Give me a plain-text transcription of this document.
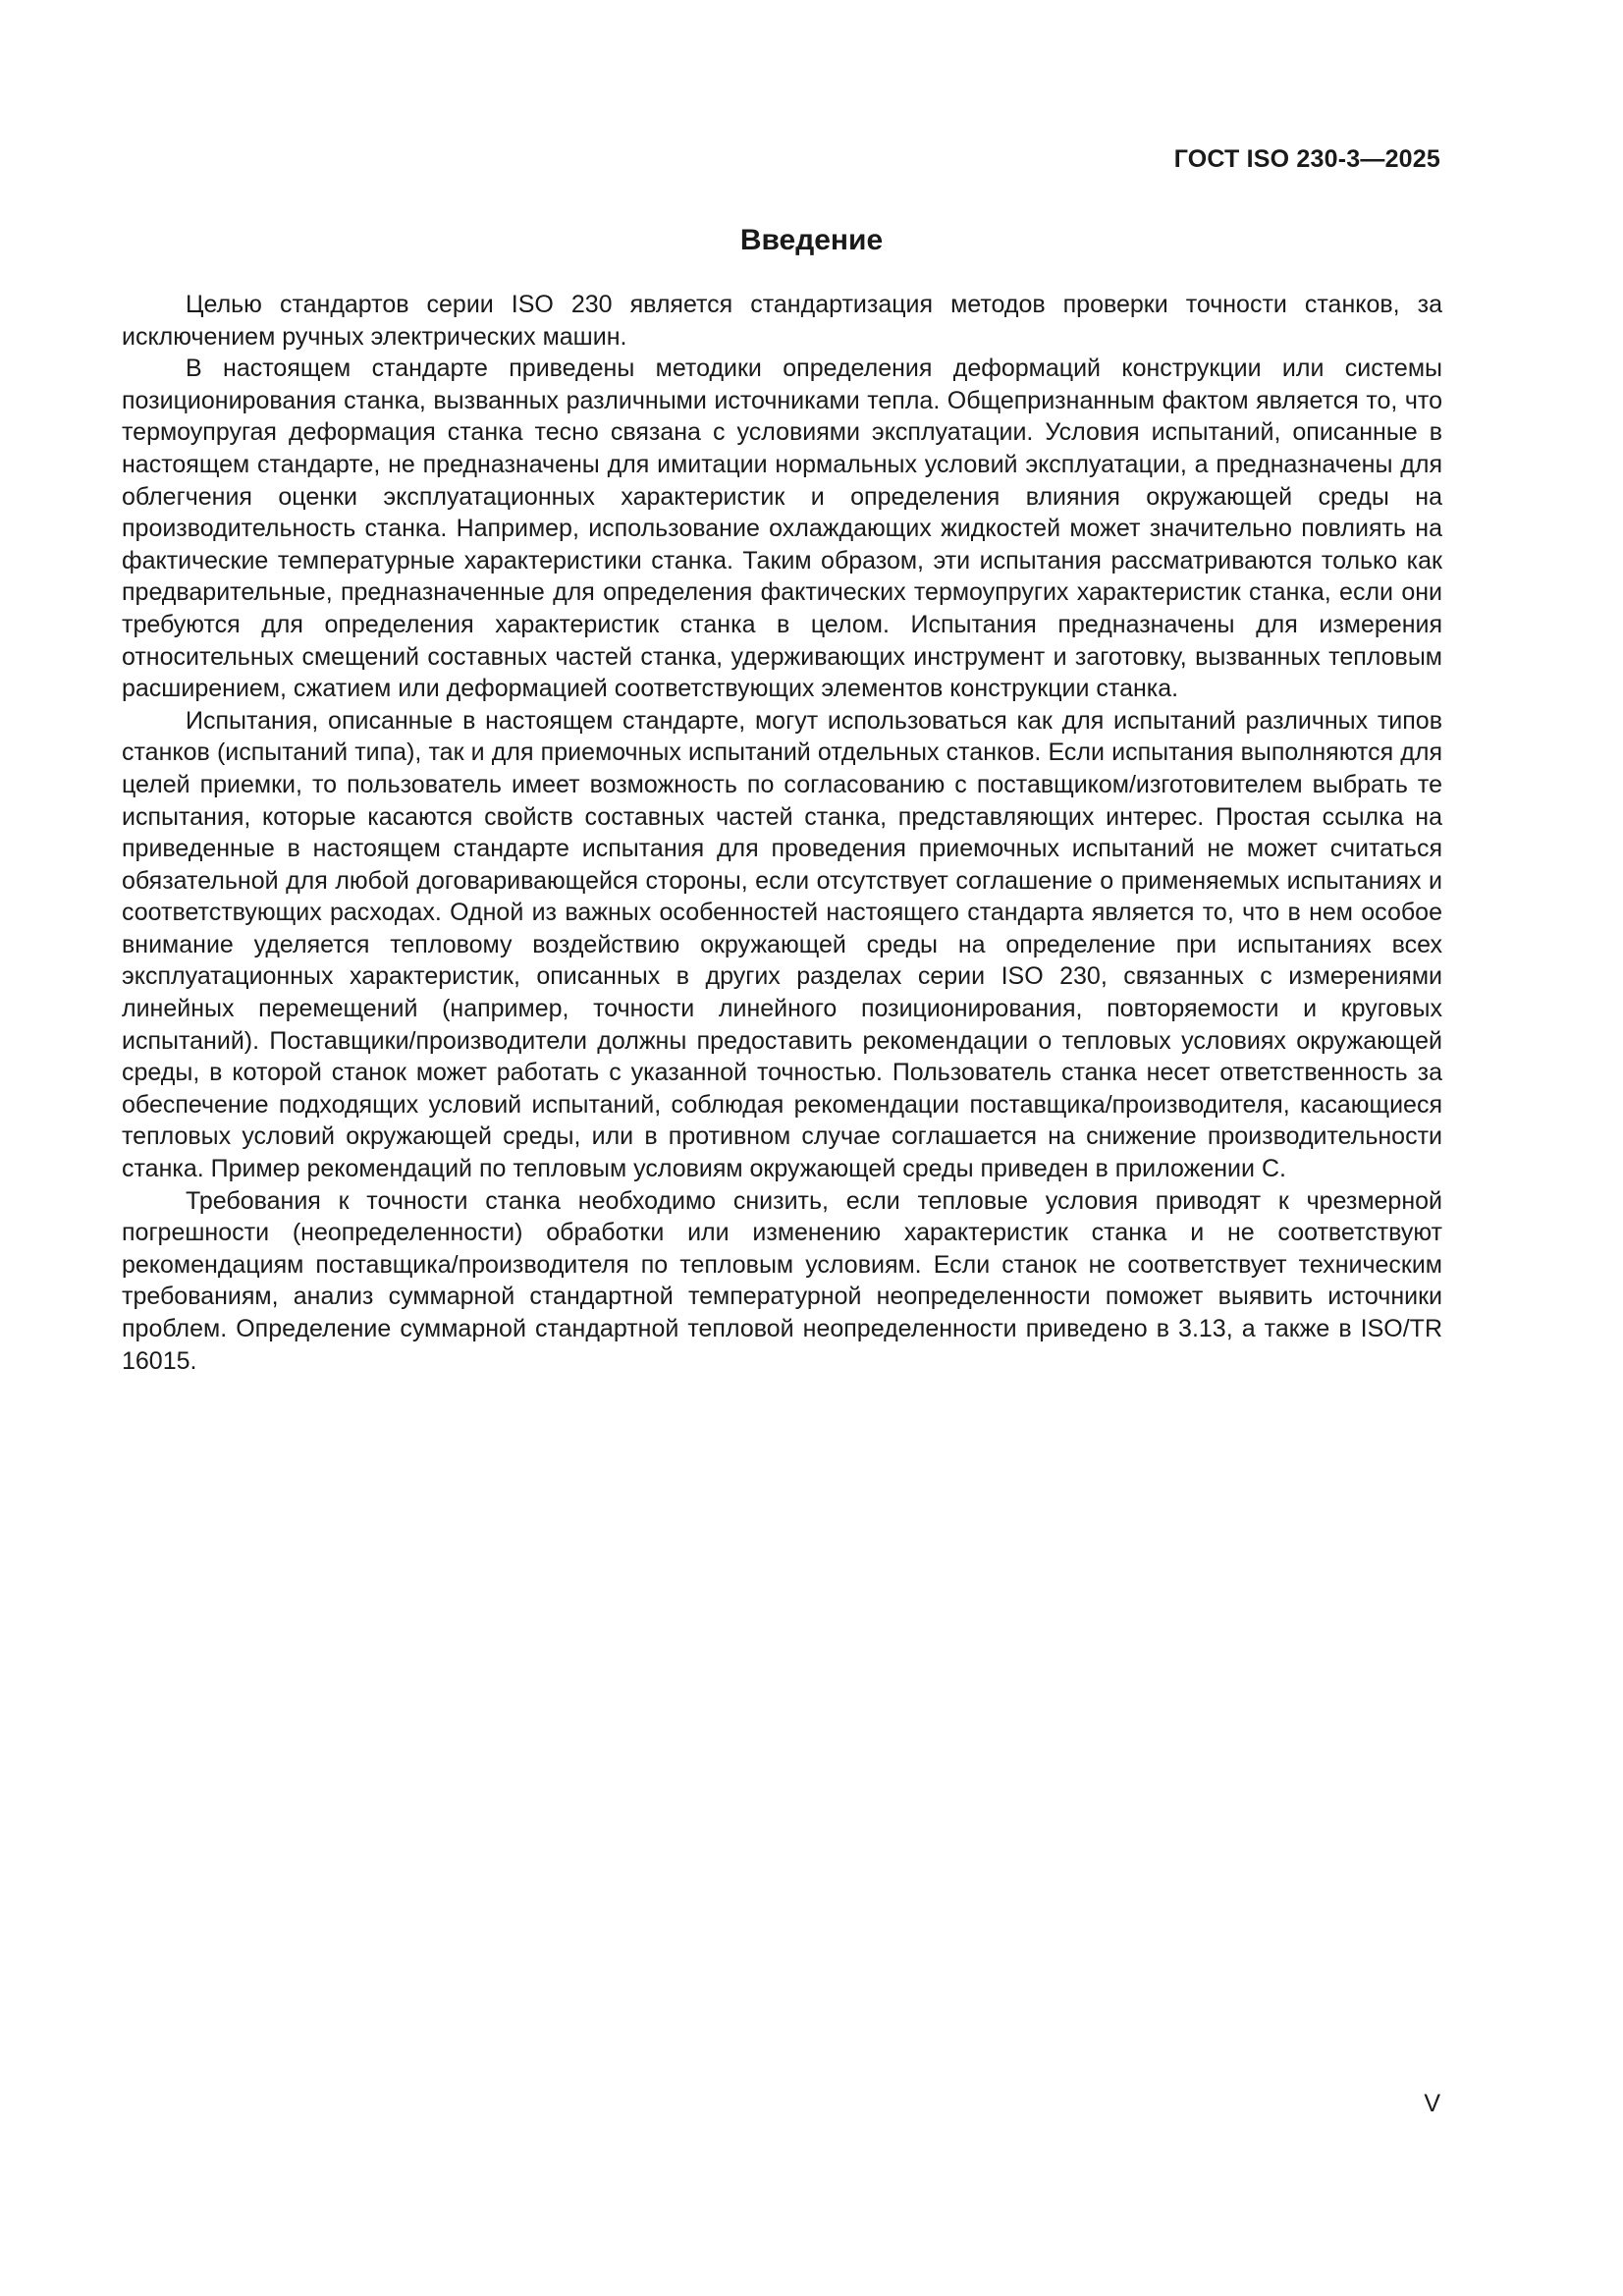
ГОСТ ISO 230-3—2025
Введение

Целью стандартов серии ISO 230 является стандартизация методов проверки точности станков, за исключением ручных электрических машин.

В настоящем стандарте приведены методики определения деформаций конструкции или системы позиционирования станка, вызванных различными источниками тепла. Общепризнанным фактом является то, что термоупругая деформация станка тесно связана с условиями эксплуатации. Условия испытаний, описанные в настоящем стандарте, не предназначены для имитации нормальных условий эксплуатации, а предназначены для облегчения оценки эксплуатационных характеристик и определения влияния окружающей среды на производительность станка. Например, использование охлаждающих жидкостей может значительно повлиять на фактические температурные характеристики станка. Таким образом, эти испытания рассматриваются только как предварительные, предназначенные для определения фактических термоупругих характеристик станка, если они требуются для определения характеристик станка в целом. Испытания предназначены для измерения относительных смещений составных частей станка, удерживающих инструмент и заготовку, вызванных тепловым расширением, сжатием или деформацией соответствующих элементов конструкции станка.

Испытания, описанные в настоящем стандарте, могут использоваться как для испытаний различных типов станков (испытаний типа), так и для приемочных испытаний отдельных станков. Если испытания выполняются для целей приемки, то пользователь имеет возможность по согласованию с поставщиком/изготовителем выбрать те испытания, которые касаются свойств составных частей станка, представляющих интерес. Простая ссылка на приведенные в настоящем стандарте испытания для проведения приемочных испытаний не может считаться обязательной для любой договаривающейся стороны, если отсутствует соглашение о применяемых испытаниях и соответствующих расходах. Одной из важных особенностей настоящего стандарта является то, что в нем особое внимание уделяется тепловому воздействию окружающей среды на определение при испытаниях всех эксплуатационных характеристик, описанных в других разделах серии ISO 230, связанных с измерениями линейных перемещений (например, точности линейного позиционирования, повторяемости и круговых испытаний). Поставщики/производители должны предоставить рекомендации о тепловых условиях окружающей среды, в которой станок может работать с указанной точностью. Пользователь станка несет ответственность за обеспечение подходящих условий испытаний, соблюдая рекомендации поставщика/производителя, касающиеся тепловых условий окружающей среды, или в противном случае соглашается на снижение производительности станка. Пример рекомендаций по тепловым условиям окружающей среды приведен в приложении С.

Требования к точности станка необходимо снизить, если тепловые условия приводят к чрезмерной погрешности (неопределенности) обработки или изменению характеристик станка и не соответствуют рекомендациям поставщика/производителя по тепловым условиям. Если станок не соответствует техническим требованиям, анализ суммарной стандартной температурной неопределенности поможет выявить источники проблем. Определение суммарной стандартной тепловой неопределенности приведено в 3.13, а также в ISO/TR 16015.

V
